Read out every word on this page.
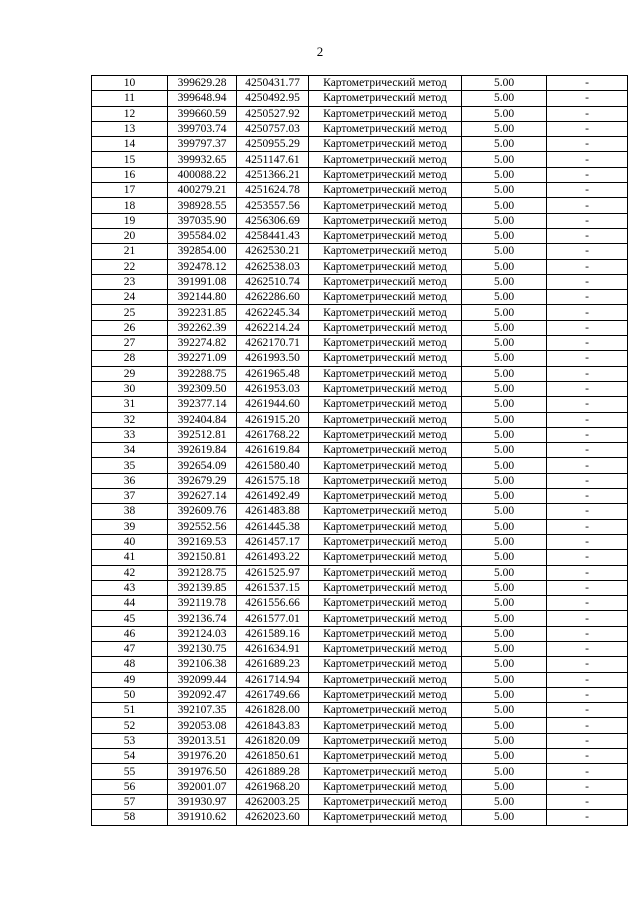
2
10	399629.28	4250431.77	Картометрический метод	5.00	-
11	399648.94	4250492.95	Картометрический метод	5.00	-
12	399660.59	4250527.92	Картометрический метод	5.00	-
13	399703.74	4250757.03	Картометрический метод	5.00	-
14	399797.37	4250955.29	Картометрический метод	5.00	-
15	399932.65	4251147.61	Картометрический метод	5.00	-
16	400088.22	4251366.21	Картометрический метод	5.00	-
17	400279.21	4251624.78	Картометрический метод	5.00	-
18	398928.55	4253557.56	Картометрический метод	5.00	-
19	397035.90	4256306.69	Картометрический метод	5.00	-
20	395584.02	4258441.43	Картометрический метод	5.00	-
21	392854.00	4262530.21	Картометрический метод	5.00	-
22	392478.12	4262538.03	Картометрический метод	5.00	-
23	391991.08	4262510.74	Картометрический метод	5.00	-
24	392144.80	4262286.60	Картометрический метод	5.00	-
25	392231.85	4262245.34	Картометрический метод	5.00	-
26	392262.39	4262214.24	Картометрический метод	5.00	-
27	392274.82	4262170.71	Картометрический метод	5.00	-
28	392271.09	4261993.50	Картометрический метод	5.00	-
29	392288.75	4261965.48	Картометрический метод	5.00	-
30	392309.50	4261953.03	Картометрический метод	5.00	-
31	392377.14	4261944.60	Картометрический метод	5.00	-
32	392404.84	4261915.20	Картометрический метод	5.00	-
33	392512.81	4261768.22	Картометрический метод	5.00	-
34	392619.84	4261619.84	Картометрический метод	5.00	-
35	392654.09	4261580.40	Картометрический метод	5.00	-
36	392679.29	4261575.18	Картометрический метод	5.00	-
37	392627.14	4261492.49	Картометрический метод	5.00	-
38	392609.76	4261483.88	Картометрический метод	5.00	-
39	392552.56	4261445.38	Картометрический метод	5.00	-
40	392169.53	4261457.17	Картометрический метод	5.00	-
41	392150.81	4261493.22	Картометрический метод	5.00	-
42	392128.75	4261525.97	Картометрический метод	5.00	-
43	392139.85	4261537.15	Картометрический метод	5.00	-
44	392119.78	4261556.66	Картометрический метод	5.00	-
45	392136.74	4261577.01	Картометрический метод	5.00	-
46	392124.03	4261589.16	Картометрический метод	5.00	-
47	392130.75	4261634.91	Картометрический метод	5.00	-
48	392106.38	4261689.23	Картометрический метод	5.00	-
49	392099.44	4261714.94	Картометрический метод	5.00	-
50	392092.47	4261749.66	Картометрический метод	5.00	-
51	392107.35	4261828.00	Картометрический метод	5.00	-
52	392053.08	4261843.83	Картометрический метод	5.00	-
53	392013.51	4261820.09	Картометрический метод	5.00	-
54	391976.20	4261850.61	Картометрический метод	5.00	-
55	391976.50	4261889.28	Картометрический метод	5.00	-
56	392001.07	4261968.20	Картометрический метод	5.00	-
57	391930.97	4262003.25	Картометрический метод	5.00	-
58	391910.62	4262023.60	Картометрический метод	5.00	-
